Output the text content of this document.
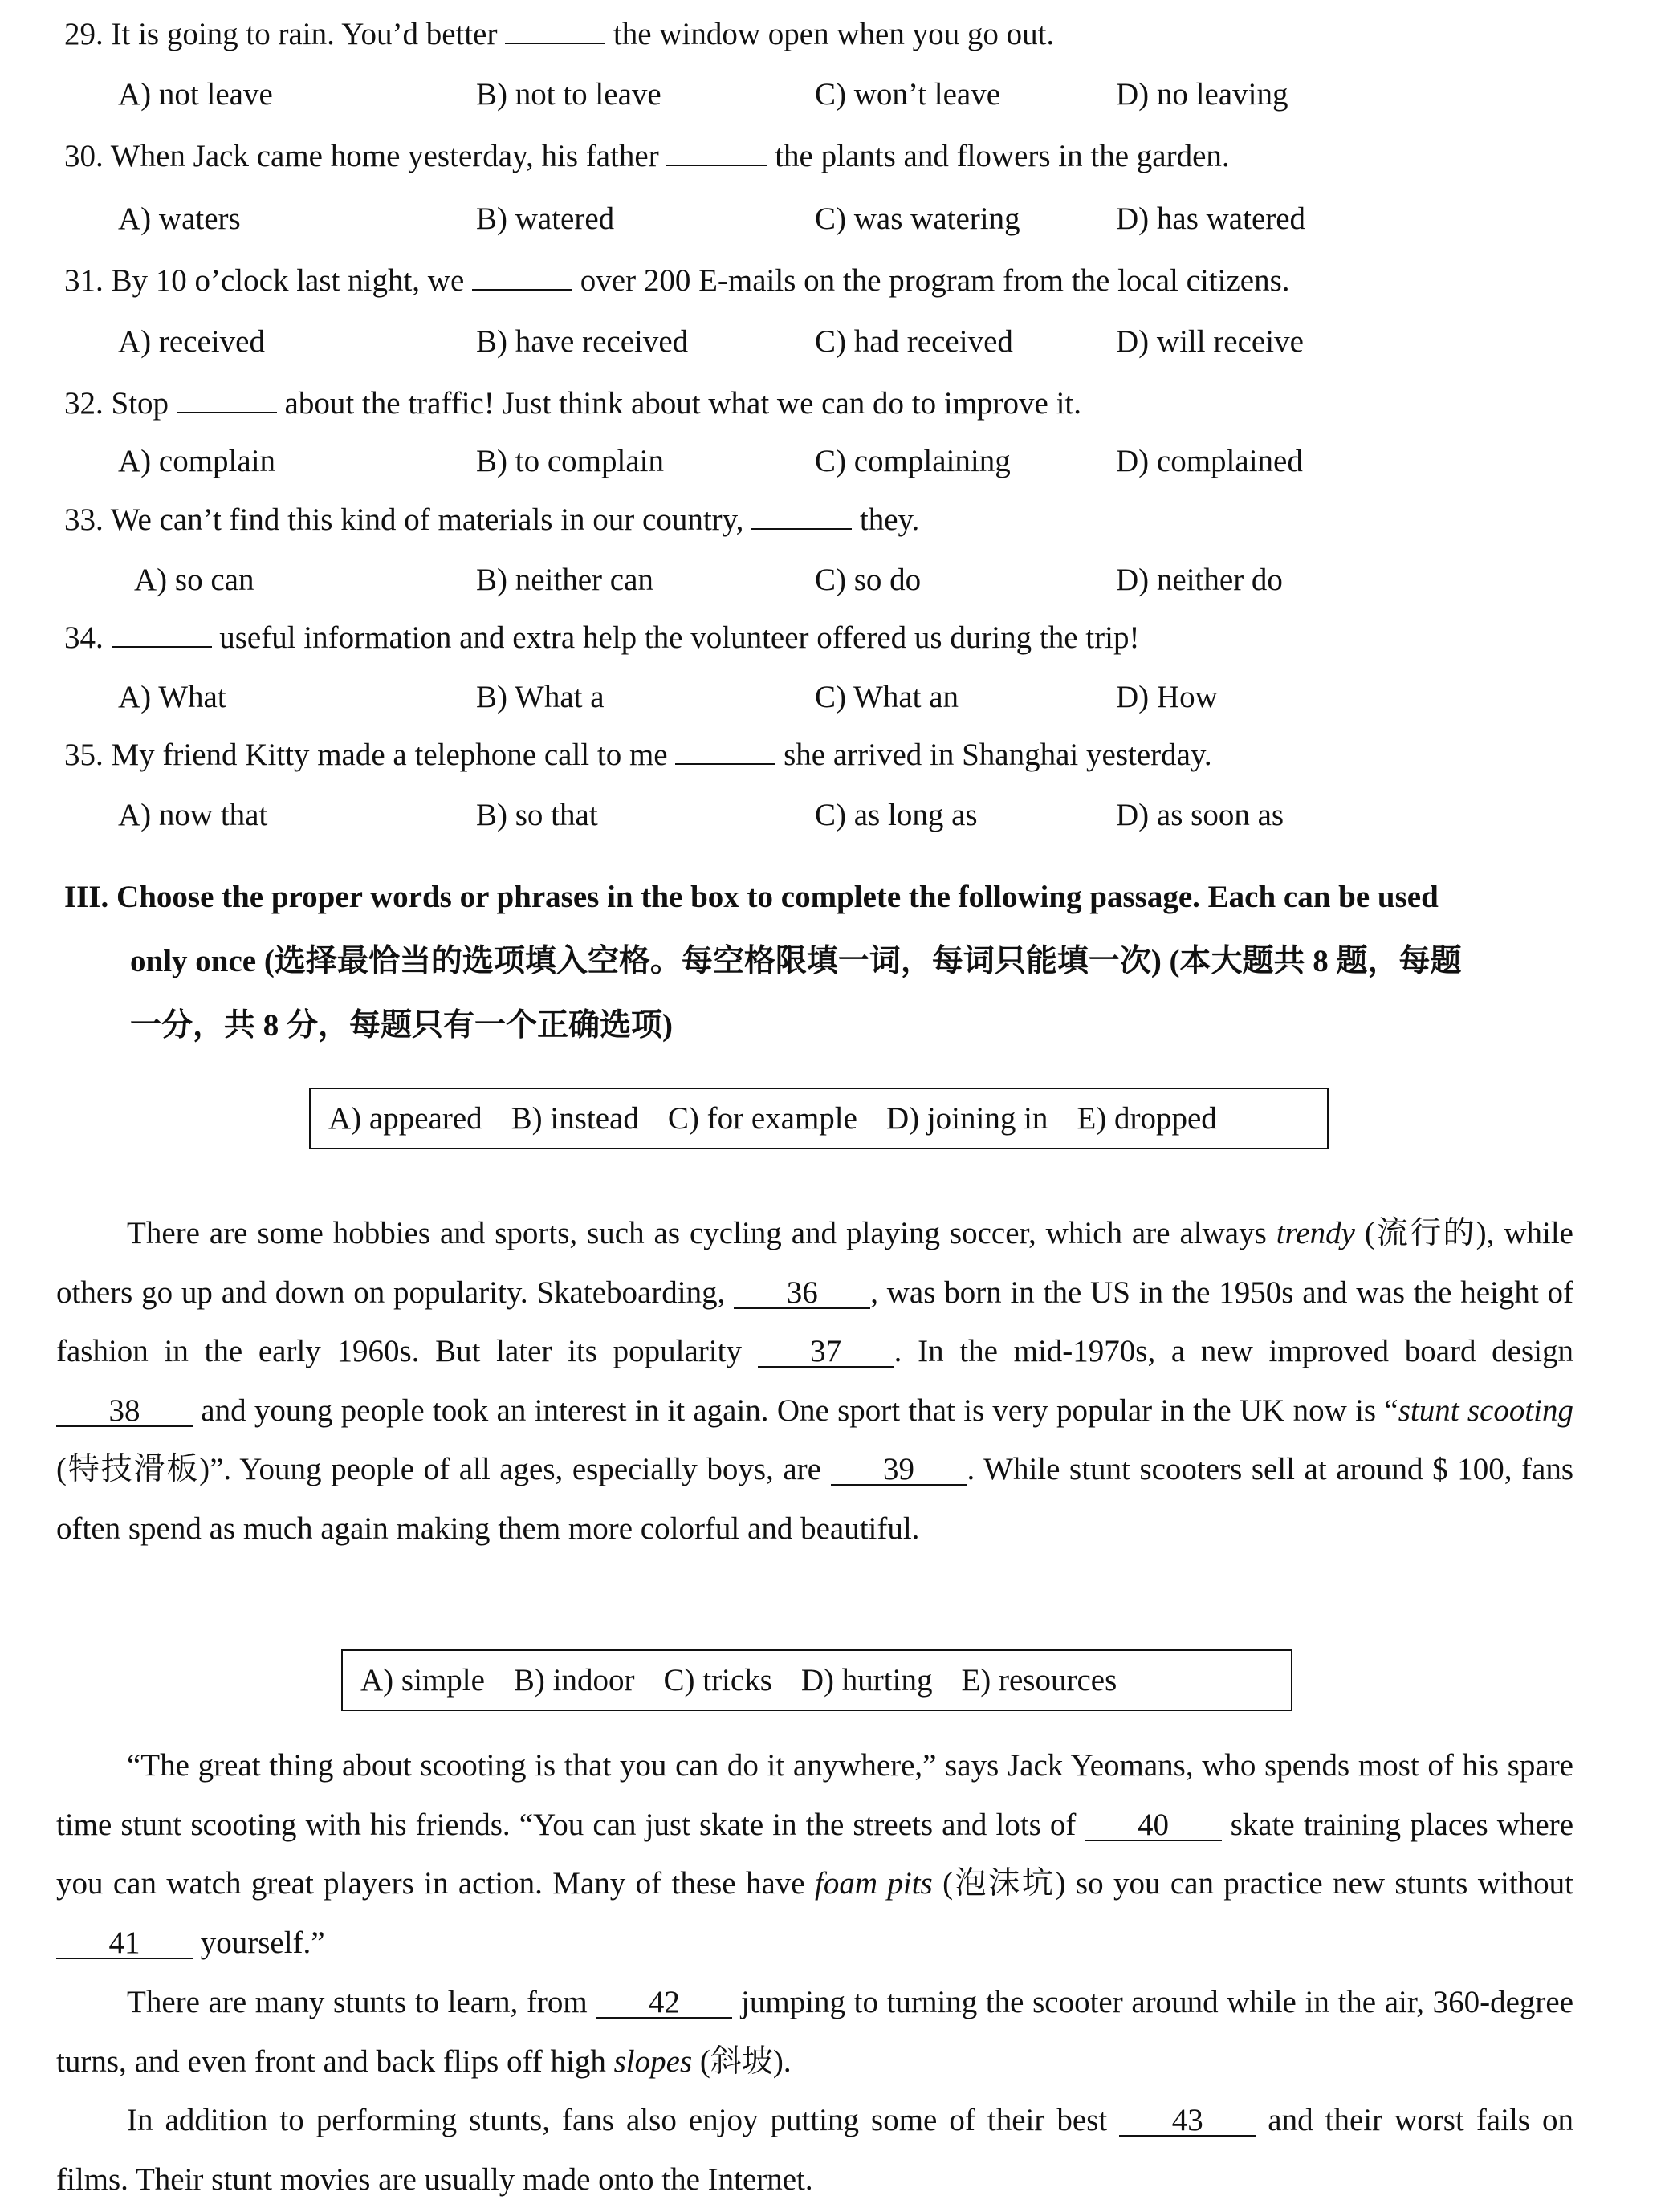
29. It is going to rain. You’d better	the window open when you go out.
A) not leave	B) not to leave	C) won’t leave	D) no leaving
30. When Jack came home yesterday, his father	the plants and flowers in the garden.
A) waters	B) watered	C) was watering	D) has watered
31. By 10 o’clock last night, we	over 200 E-mails on the program from the local citizens.
A) received	B) have received	C) had received	D) will receive
32. Stop	about the traffic! Just think about what we can do to improve it.
A) complain	B) to complain	C) complaining	D) complained
33. We can’t find this kind of materials in our country,	they.
A) so can	B) neither can	C) so do	D) neither do
34.	useful information and extra help the volunteer offered us during the trip!
A) What	B) What a	C) What an	D) How
35. My friend Kitty made a telephone call to me	she arrived in Shanghai yesterday.
A) now that	B) so that	C) as long as	D) as soon as
III. Choose the proper words or phrases in the box to complete the following passage. Each can be used
only once (选择最恰当的选项填入空格。每空格限填一词，每词只能填一次) (本大题共 8 题，每题
一分，共 8 分，每题只有一个正确选项)
A) appeared B) instead C) for example D) joining in E) dropped
There are some hobbies and sports, such as cycling and playing soccer, which are always trendy (流行的), while others go up and down on popularity. Skateboarding, 36 , was born in the US in the 1950s and was the height of fashion in the early 1960s. But later its popularity 37 . In the mid-1970s, a new improved board design 38 and young people took an interest in it again. One sport that is very popular in the UK now is “stunt scooting (特技滑板)”. Young people of all ages, especially boys, are 39 . While stunt scooters sell at around $ 100, fans often spend as much again making them more colorful and beautiful.
A) simple B) indoor C) tricks D) hurting E) resources
“The great thing about scooting is that you can do it anywhere,” says Jack Yeomans, who spends most of his spare time stunt scooting with his friends. “You can just skate in the streets and lots of 40 skate training places where you can watch great players in action. Many of these have foam pits (泡沫坑) so you can practice new stunts without 41 yourself.”
There are many stunts to learn, from 42 jumping to turning the scooter around while in the air, 360-degree turns, and even front and back flips off high slopes (斜坡).
In addition to performing stunts, fans also enjoy putting some of their best 43 and their worst fails on films. Their stunt movies are usually made onto the Internet.
